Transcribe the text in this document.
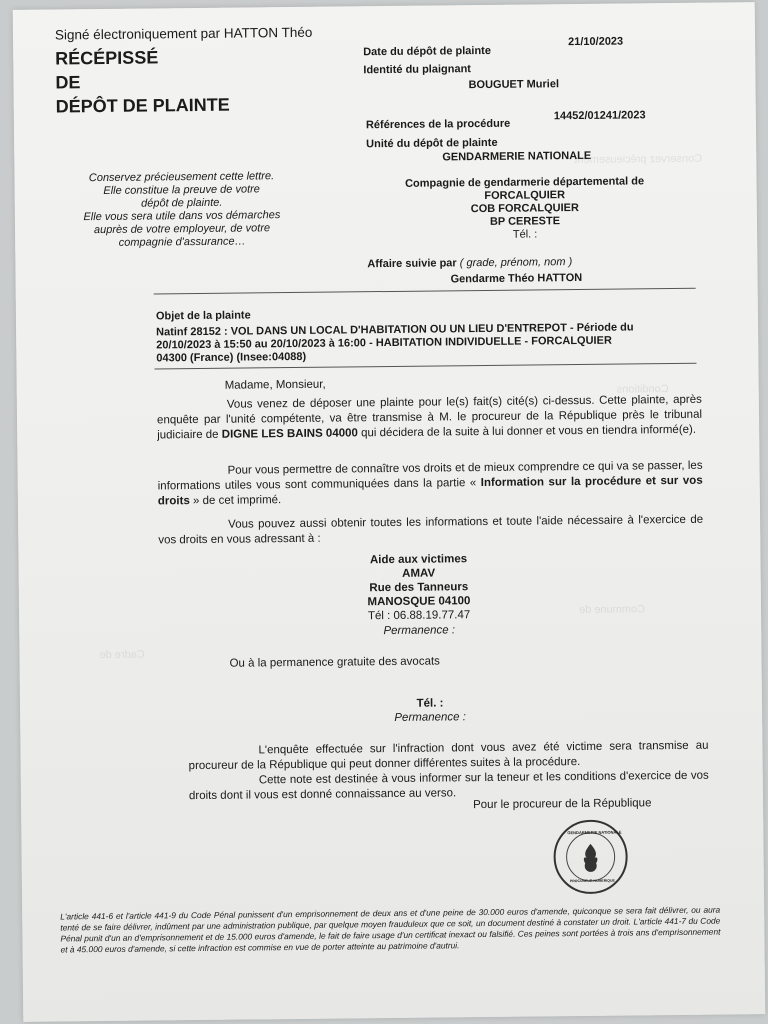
Conservez précieusement
Conditions
Commune de
Cadre de
Signé électroniquement par HATTON Théo
RÉCÉPISSÉ
DE
DÉPÔT DE PLAINTE
Date du dépôt de plainte
21/10/2023
Identité du plaignant
BOUGUET Muriel
Références de la procédure
14452/01241/2023
Unité du dépôt de plainte
GENDARMERIE NATIONALE
Compagnie de gendarmerie départemental de
FORCALQUIER
COB FORCALQUIER
BP CERESTE
Tél. :
Conservez précieusement cette lettre.
Elle constitue la preuve de votre
dépôt de plainte.
Elle vous sera utile dans vos démarches
auprès de votre employeur, de votre
compagnie d'assurance…
Affaire suivie par ( grade, prénom, nom )
Gendarme Théo HATTON
Objet de la plainte
Natinf 28152 : VOL DANS UN LOCAL D'HABITATION OU UN LIEU D'ENTREPOT - Période du
20/10/2023 à 15:50 au 20/10/2023 à 16:00 - HABITATION INDIVIDUELLE - FORCALQUIER
04300 (France) (Insee:04088)
Madame, Monsieur,
Vous venez de déposer une plainte pour le(s) fait(s) cité(s) ci-dessus. Cette plainte, après enquête par l'unité compétente, va être transmise à M. le procureur de la République près le tribunal judiciaire de DIGNE LES BAINS 04000 qui décidera de la suite à lui donner et vous en tiendra informé(e).
Pour vous permettre de connaître vos droits et de mieux comprendre ce qui va se passer, les informations utiles vous sont communiquées dans la partie « Information sur la procédure et sur vos droits » de cet imprimé.
Vous pouvez aussi obtenir toutes les informations et toute l'aide nécessaire à l'exercice de vos droits en vous adressant à :
Aide aux victimes
AMAV
Rue des Tanneurs
MANOSQUE 04100
Tél : 06.88.19.77.47
Permanence :
Ou à la permanence gratuite des avocats
Tél. :
Permanence :
L'enquête effectuée sur l'infraction dont vous avez été victime sera transmise au procureur de la République qui peut donner différentes suites à la procédure.
Cette note est destinée à vous informer sur la teneur et les conditions d'exercice de vos droits dont il vous est donné connaissance au verso.
Pour le procureur de la République
GENDARMERIE NATIONALE
PROCUREUR NUMERIQUE
L'article 441-6 et l'article 441-9 du Code Pénal punissent d'un emprisonnement de deux ans et d'une peine de 30.000 euros d'amende, quiconque se sera fait délivrer, ou aura tenté de se faire délivrer, indûment par une administration publique, par quelque moyen frauduleux que ce soit, un document destiné à constater un droit. L'article 441-7 du Code Pénal punit d'un an d'emprisonnement et de 15.000 euros d'amende, le fait de faire usage d'un certificat inexact ou falsifié. Ces peines sont portées à trois ans d'emprisonnement et à 45.000 euros d'amende, si cette infraction est commise en vue de porter atteinte au patrimoine d'autrui.
